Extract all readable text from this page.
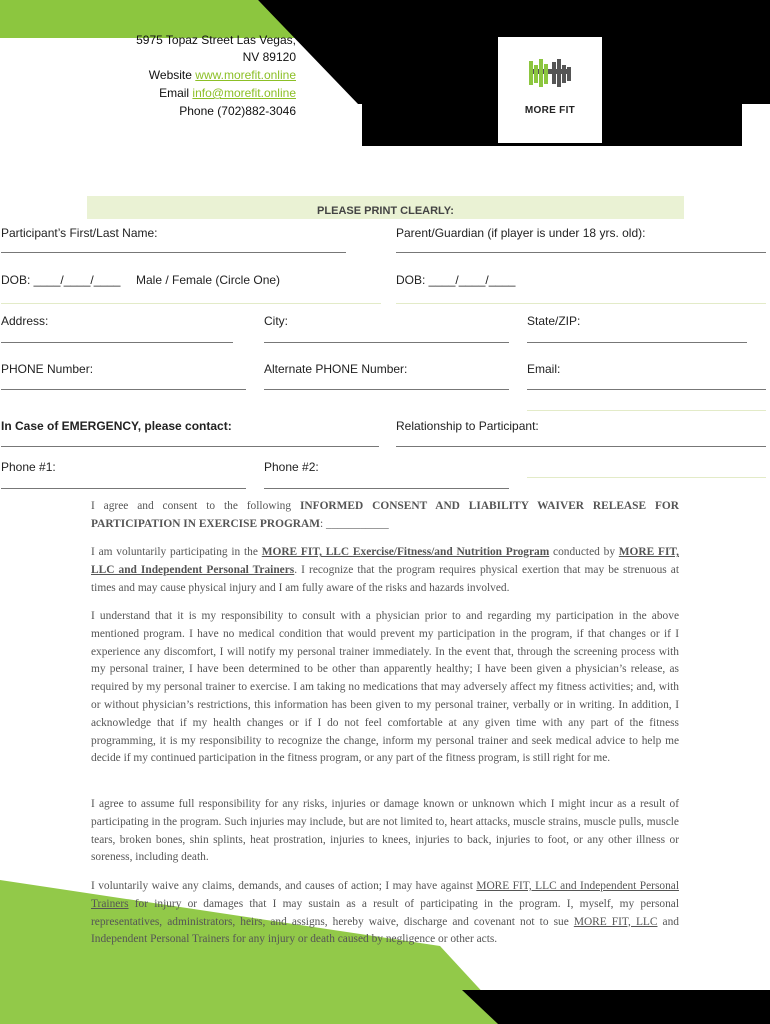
5975 Topaz Street Las Vegas,
NV 89120
Website www.morefit.online
Email info@morefit.online
Phone (702)882-3046	MORE FIT
PLEASE PRINT CLEARLY:
Participant’s First/Last Name:	Parent/Guardian (if player is under 18 yrs. old):
DOB: ____/____/____ Male / Female (Circle One)	DOB: ____/____/____
Address:	City:	State/ZIP:
PHONE Number:	Alternate PHONE Number:	Email:
In Case of EMERGENCY, please contact:	Relationship to Participant:
Phone #1:	Phone #2:
I agree and consent to the following INFORMED CONSENT AND LIABILITY WAIVER RELEASE FOR PARTICIPATION IN EXERCISE PROGRAM: ___________
I am voluntarily participating in the MORE FIT, LLC Exercise/Fitness/and Nutrition Program conducted by MORE FIT, LLC and Independent Personal Trainers. I recognize that the program requires physical exertion that may be strenuous at times and may cause physical injury and I am fully aware of the risks and hazards involved.
I understand that it is my responsibility to consult with a physician prior to and regarding my participation in the above mentioned program. I have no medical condition that would prevent my participation in the program, if that changes or if I experience any discomfort, I will notify my personal trainer immediately. In the event that, through the screening process with my personal trainer, I have been determined to be other than apparently healthy; I have been given a physician’s release, as required by my personal trainer to exercise. I am taking no medications that may adversely affect my fitness activities; and, with or without physician’s restrictions, this information has been given to my personal trainer, verbally or in writing. In addition, I acknowledge that if my health changes or if I do not feel comfortable at any given time with any part of the fitness programming, it is my responsibility to recognize the change, inform my personal trainer and seek medical advice to help me decide if my continued participation in the fitness program, or any part of the fitness program, is still right for me.
I agree to assume full responsibility for any risks, injuries or damage known or unknown which I might incur as a result of participating in the program. Such injuries may include, but are not limited to, heart attacks, muscle strains, muscle pulls, muscle tears, broken bones, shin splints, heat prostration, injuries to knees, injuries to back, injuries to foot, or any other illness or soreness, including death.
I voluntarily waive any claims, demands, and causes of action; I may have against MORE FIT, LLC and Independent Personal Trainers for injury or damages that I may sustain as a result of participating in the program. I, myself, my personal representatives, administrators, heirs, and assigns, hereby waive, discharge and covenant not to sue MORE FIT, LLC and Independent Personal Trainers for any injury or death caused by negligence or other acts.
